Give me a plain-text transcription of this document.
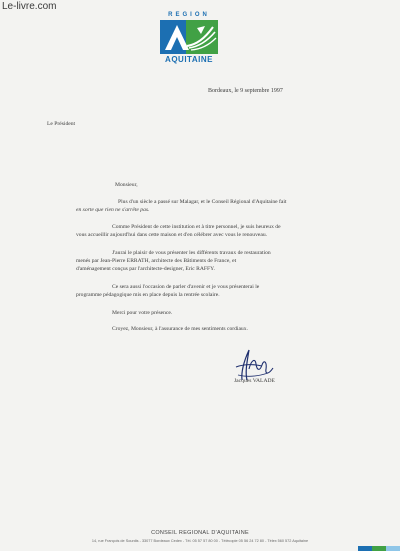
Le-livre.com
REGION
AQUITAINE
Bordeaux, le 9 septembre 1997
Le Président
Monsieur,
Plus d'un siècle a passé sur Malagar, et le Conseil Régional d'Aquitaine fait
en sorte que rien ne s'arrête pas.
Comme Président de cette institution et à titre personnel, je suis heureux de
vous accueillir aujourd'hui dans cette maison et d'en célébrer avec vous le renouveau.
J'aurai le plaisir de vous présenter les différents travaux de restauration
menés par Jean-Pierre ERRATH, architecte des Bâtiments de France, et
d'aménagement conçus par l'architecte-designer, Eric RAFFY.
Ce sera aussi l'occasion de parler d'avenir et je vous présenterai le
programme pédagogique mis en place depuis la rentrée scolaire.
Merci pour votre présence.
Croyez, Monsieur, à l'assurance de mes sentiments cordiaux.
Jacques VALADE
CONSEIL REGIONAL D'AQUITAINE
14, rue François de Sourdis - 33077 Bordeaux Cedex - Tél. 05 57 57 80 00 - Télécopie 05 56 24 72 80 - Télex 560 572 Aquitaine
